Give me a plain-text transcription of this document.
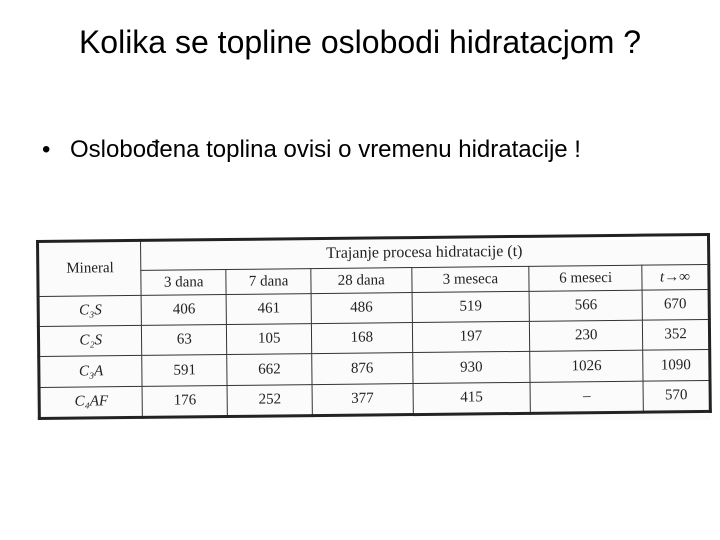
Kolika se topline oslobodi hidratacjom ?
• Oslobođena toplina ovisi o vremenu hidratacije !
Mineral	Trajanje procesa hidratacije (t)					
	3 dana	7 dana	28 dana	3 meseca	6 meseci	t→∞
C₃S	406	461	486	519	566	670
C₂S	63	105	168	197	230	352
C₃A	591	662	876	930	1026	1090
C₄AF	176	252	377	415	–	570
